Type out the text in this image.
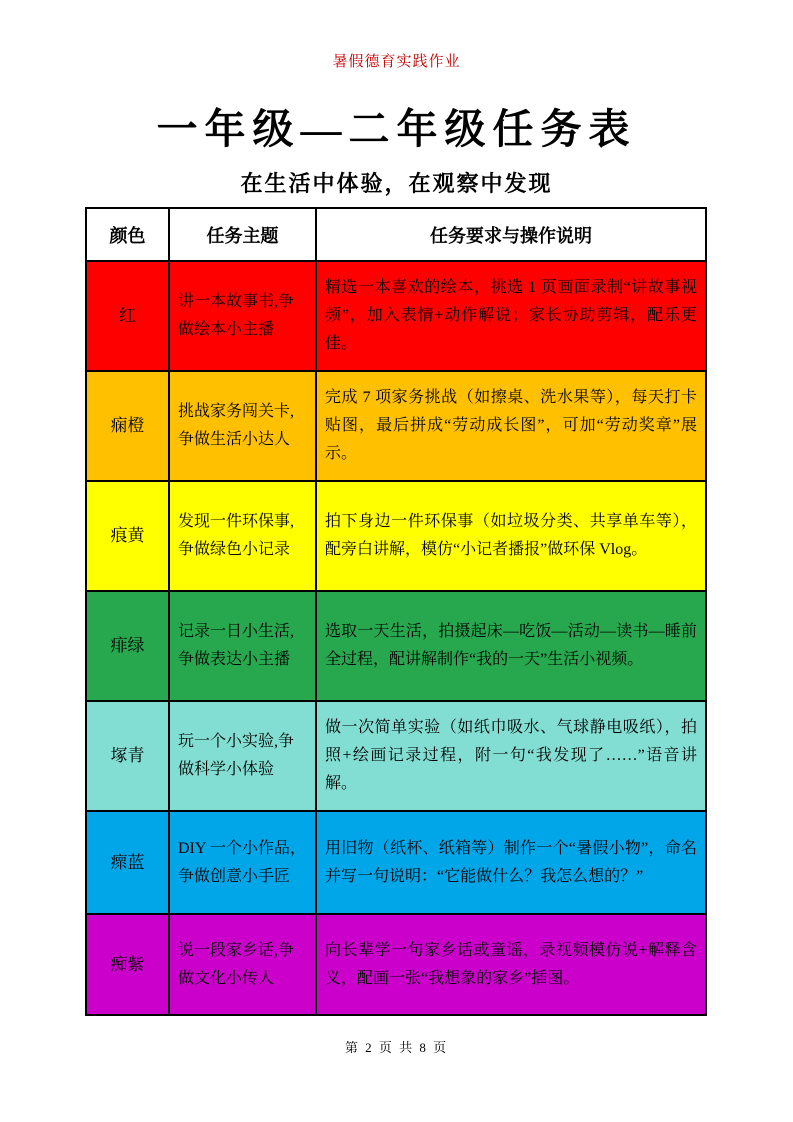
暑假德育实践作业
一年级—二年级任务表
在生活中体验，在观察中发现
颜色	任务主题	任务要求与操作说明
红	讲一本故事书,争做绘本小主播	精选一本喜欢的绘本，挑选 1 页画面录制“讲故事视频”，加入表情+动作解说；家长协助剪辑，配乐更佳。
痫橙	挑战家务闯关卡,争做生活小达人	完成 7 项家务挑战（如擦桌、洗水果等），每天打卡贴图，最后拼成“劳动成长图”，可加“劳动奖章”展示。
痕黄	发现一件环保事,争做绿色小记录	拍下身边一件环保事（如垃圾分类、共享单车等），配旁白讲解，模仿“小记者播报”做环保 Vlog。
痱绿	记录一日小生活,争做表达小主播	选取一天生活，拍摄起床—吃饭—活动—读书—睡前全过程，配讲解制作“我的一天”生活小视频。
塚青	玩一个小实验,争做科学小体验	做一次简单实验（如纸巾吸水、气球静电吸纸），拍照+绘画记录过程，附一句“我发现了……”语音讲解。
瘝蓝	DIY 一个小作品，争做创意小手匠	用旧物（纸杯、纸箱等）制作一个“暑假小物”，命名并写一句说明：“它能做什么？我怎么想的？”
痴紫	说一段家乡话,争做文化小传人	向长辈学一句家乡话或童谣，录视频模仿说+解释含义，配画一张“我想象的家乡”插图。
第 2 页 共 8 页
